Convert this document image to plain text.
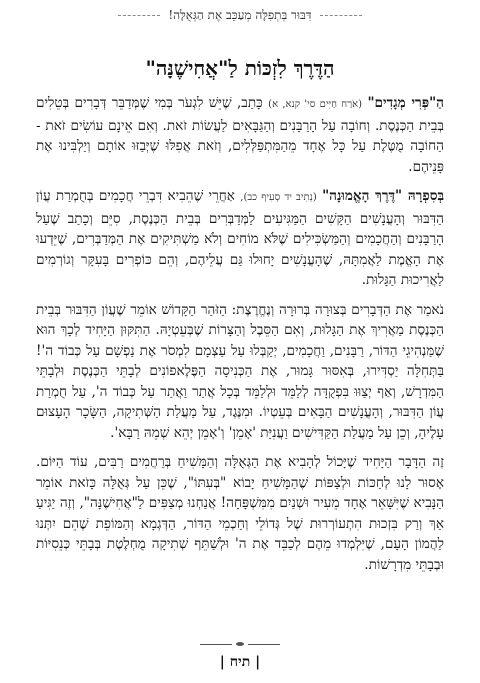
דִּבּוּר בְּתְפִלָּה מְעַכֵּב אֶת הַגְּאֻלָּה!
הַדֶּרֶךְ לִזְכּוֹת לַ"אֲחִישֶׁנָּה"

הַ"פְּרִי מְגָדִים" (אֹרַח חַיִּים סי' קנא, א) כָּתַב, שֶׁיֵּשׁ לִגְעֹר בְּמִי שֶׁמְּדַבֵּר דְּבָרִים בְּטֵלִים בְּבֵית הַכְּנֶסֶת. וְחוֹבָה עַל הָרַבָּנִים וְהַגַּבָּאִים לַעֲשׂוֹת זֹאת. וְאִם אֵינָם עוֹשִׂים זֹאת - הַחוֹבָה מֻטֶּלֶת עַל כָּל אֶחָד מֵהַמִּתְפַּלְּלִים, וְזֹאת אֲפִלּוּ שֶׁיְּבַזּוּ אוֹתָם וְיַלְבִּינוּ אֶת פָּנֵיהֶם.

בְּסִפְרָהּ "דֶּרֶךְ הָאֱמוּנָה" (נְתִיב יד סְעִיף כב), אַחֲרֵי שֶׁהֵבִיא דִּבְרֵי חֲכָמִים בְּחֻמְרַת עֲוֹן הַדִּבּוּר וְהָעֳנָשִׁים הַקָּשִׁים הַמַּגִּיעִים לַמְּדַבְּרִים בְּבֵית הַכְּנֶסֶת, סִיֵּם וְכָתַב שֶׁעַל הָרַבָּנִים וְהַחֲכָמִים וְהַמַּשְׂכִּילִים שֶׁלֹּא מוֹחִים וְלֹא מַשְׁתִּיקִים אֶת הַמְּדַבְּרִים, שֶׁיֵּדְעוּ אֶת הָאֱמֶת לַאֲמִתָּהּ, שֶׁהָעֳנָשִׁים יָחוּלוּ גַּם עֲלֵיהֶם, וְהֵם כּוֹפְרִים בָּעִקָּר וְגוֹרְמִים לַאֲרִיכוּת הַגָּלוּת.

נֹאמַר אֶת הַדְּבָרִים בְּצוּרָה בְּרוּרָה וְנֶחֱרֶצֶת: הַזֹּהַר הַקָּדוֹשׁ אוֹמֵר שֶׁעֲוֹן הַדִּבּוּר בְּבֵית הַכְּנֶסֶת מַאֲרִיךְ אֶת הַגָּלוּת, וְאִם הַסֵּבֶל וְהַצָּרוֹת שֶׁבְּעֵטְיָהּ. הַתִּקּוּן הַיָּחִיד לְכָךְ הוּא שֶׁמַּנְהִיגֵי הַדּוֹר, רַבָּנִים, וַחֲכָמִים, יְקַבְּלוּ עַל עַצְמָם לִמְסֹר אֶת נַפְשָׁם עַל כְּבוֹד ה'! בַּתְּחִלָּה יַסְדִּירוּ, בְּאִסּוּר גָּמוּר, אֶת הַכְּנִיסָה הַפֶּלֶאפוֹנִים לְבָתֵּי הַכְּנֶסֶת וּלְבָתֵּי הַמִּדְרָשׁ, וְאַף יְצַוּוּ בִּפְקֻדָּה לְלַמֵּד וּלְלַמֵּד בְּכָל אֲתַר וַאֲתַר עַל כְּבוֹד ה', עַל חֻמְרַת עֲוֹן הַדִּבּוּר, וְהָעֳנָשִׁים הַבָּאִים בְּעֵטְיוֹ. וּמִנֶּגֶד, עַל מַעֲלַת הַשְּׁתִיקָה, הַשָּׂכָר הָעָצוּם עָלֶיהָ, וְכֵן עַל מַעֲלַת הַקַּדִּישִׁים וַעֲנִיַּת 'אָמֵן' וְ'אָמֵן יְהֵא שְׁמֵהּ רַבָּא'.

זֶה הַדָּבָר הַיָּחִיד שֶׁיָּכוֹל לְהָבִיא אֶת הַגְּאֻלָּה וְהַמָּשִׁיחַ בְּרַחֲמִים רַבִּים, עוֹד הַיּוֹם. אָסוּר לָנוּ לְחַכּוֹת וּלְצַפּוֹת שֶׁהַמָּשִׁיחַ יָבוֹא "בְּעִתּוֹ", שֶׁכֵּן עַל גְּאֻלָּה כָּזֹאת אוֹמֵר הַנָּבִיא שֶׁיִּשָּׁאֵר אֶחָד מֵעִיר וּשְׁנַיִם מִמִּשְׁפָּחָה! אֲנַחְנוּ מְצַפִּים לַ"אֲחִישֶׁנָּה", וְזֶה יַגִּיעַ אַךְ וְרַק בִּזְכוּת הִתְעוֹרְרוּת שֶׁל גְּדוֹלֵי וְחַכְמֵי הַדּוֹר, הַדְּגְמָא וְהַמּוֹפֵת שֶׁהֵם יִתְּנוּ לַהֲמוֹן הָעָם, שֶׁיִּלְמְדוּ מֵהֶם לְכַבֵּד אֶת ה' וּלְשַׁתֵּף שְׁתִיקָה מֻחְלֶטֶת בְּבָתֵּי כְּנֵסִיּוֹת וּבְבָתֵּי מִדְרָשׁוֹת.

| תיח |
